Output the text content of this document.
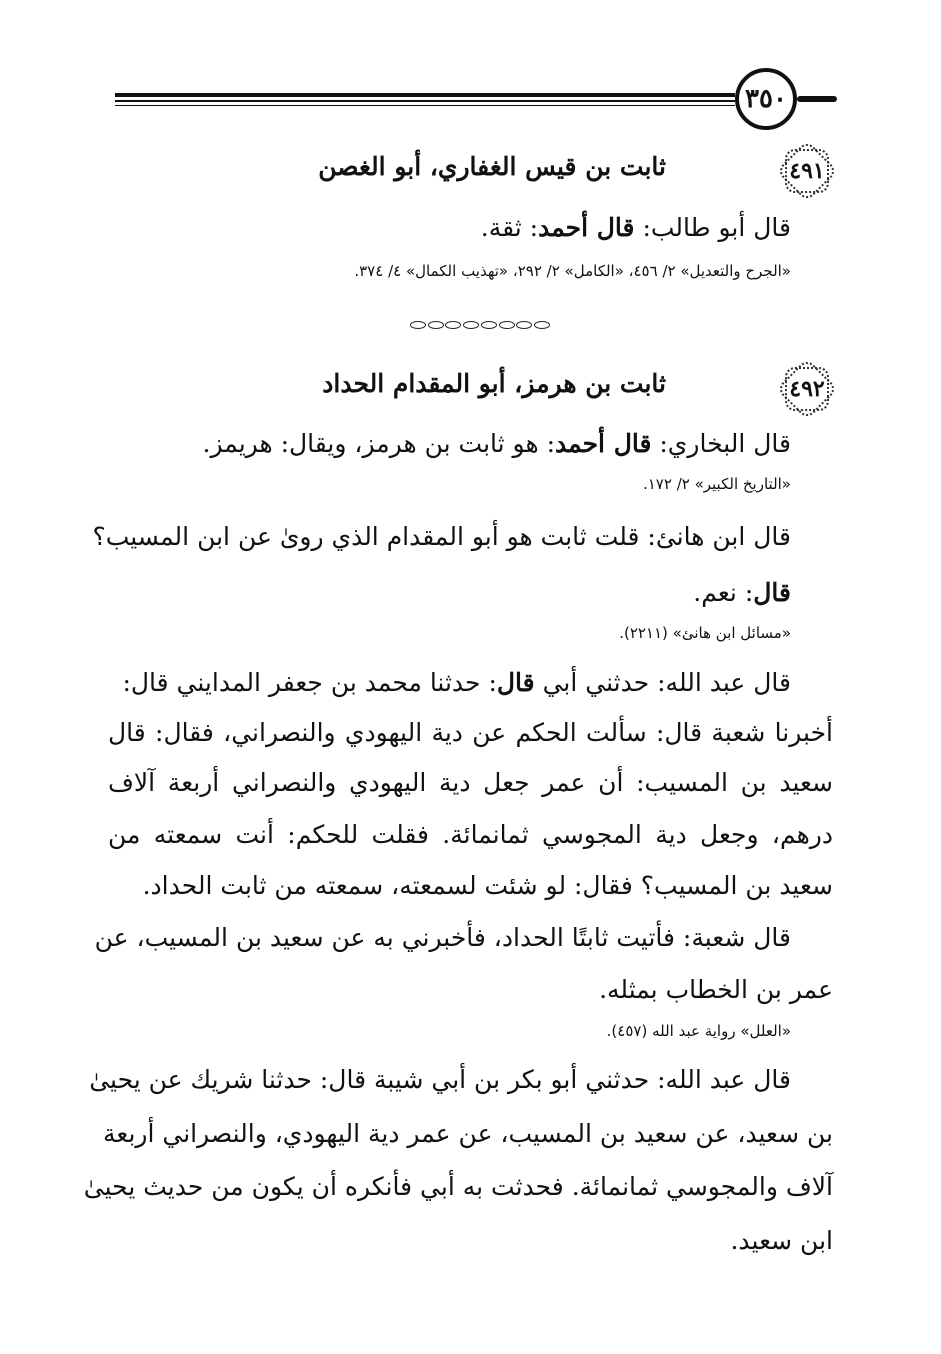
٣٥٠
٤٩١
ثابت بن قيس الغفاري، أبو الغصن
قال أبو طالب: قال أحمد: ثقة.
«الجرح والتعديل» ٢/ ٤٥٦، «الكامل» ٢/ ٢٩٢، «تهذيب الكمال» ٤/ ٣٧٤.
٤٩٢
ثابت بن هرمز، أبو المقدام الحداد
قال البخاري: قال أحمد: هو ثابت بن هرمز، ويقال: هريمز.
«التاريخ الكبير» ٢/ ١٧٢.
قال ابن هانئ: قلت ثابت هو أبو المقدام الذي روىٰ عن ابن المسيب؟
قال: نعم.
«مسائل ابن هانئ» (٢٢١١).
قال عبد الله: حدثني أبي قال: حدثنا محمد بن جعفر المدايني قال:
أخبرنا شعبة قال: سألت الحكم عن دية اليهودي والنصراني، فقال: قال
سعيد بن المسيب: أن عمر جعل دية اليهودي والنصراني أربعة آلاف
درهم، وجعل دية المجوسي ثمانمائة. فقلت للحكم: أنت سمعته من
سعيد بن المسيب؟ فقال: لو شئت لسمعته، سمعته من ثابت الحداد.
قال شعبة: فأتيت ثابتًا الحداد، فأخبرني به عن سعيد بن المسيب، عن
عمر بن الخطاب بمثله.
«العلل» رواية عبد الله (٤٥٧).
قال عبد الله: حدثني أبو بكر بن أبي شيبة قال: حدثنا شريك عن يحيىٰ
بن سعيد، عن سعيد بن المسيب، عن عمر دية اليهودي، والنصراني أربعة
آلاف والمجوسي ثمانمائة. فحدثت به أبي فأنكره أن يكون من حديث يحيىٰ
ابن سعيد.
